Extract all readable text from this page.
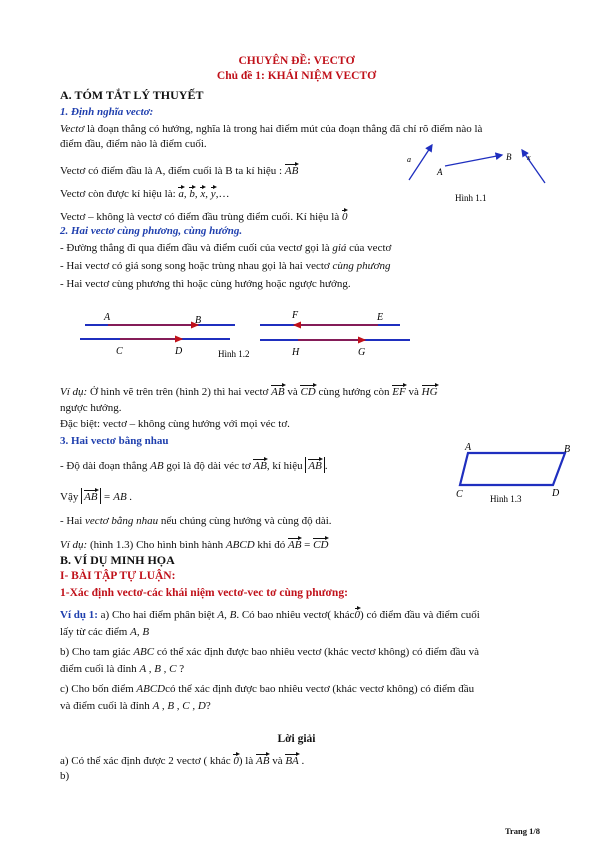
CHUYÊN ĐỀ: VECTƠ
Chủ đề 1: KHÁI NIỆM VECTƠ
A. TÓM TẮT LÝ THUYẾT
1. Định nghĩa vectơ:
Vectơ là đoạn thẳng có hướng, nghĩa là trong hai điểm mút của đoạn thẳng đã chỉ rõ điểm nào là
điểm đầu, điểm nào là điểm cuối.
Vectơ có điểm đầu là A, điểm cuối là B ta kí hiệu : AB
Vectơ còn được kí hiệu là: a, b, x, y,…
a
A
B x
Hình 1.1
Vectơ – không là vectơ có điểm đầu trùng điểm cuối. Kí hiệu là 0
2. Hai vectơ cùng phương, cùng hướng.
- Đường thẳng đi qua điểm đầu và điểm cuối của vectơ gọi là giá của vectơ
- Hai vectơ có giá song song hoặc trùng nhau gọi là hai vectơ cùng phương
- Hai vectơ cùng phương thì hoặc cùng hướng hoặc ngược hướng.
A	B
C	D
F	E
H	G
Hình 1.2
Ví dụ: Ở hình vẽ trên trên (hình 2) thì hai vectơ AB và CD cùng hướng còn EF và HG
ngược hướng.
Đặc biệt: vectơ – không cùng hướng với mọi véc tơ.
3. Hai vectơ bằng nhau
- Độ dài đoạn thẳng AB gọi là độ dài véc tơ AB, kí hiệu AB .
Vậy AB = AB .
A	B
C	D
Hình 1.3
- Hai vectơ bằng nhau nếu chúng cùng hướng và cùng độ dài.
Ví dụ: (hình 1.3) Cho hình bình hành ABCD khi đó AB = CD
B. VÍ DỤ MINH HỌA
I- BÀI TẬP TỰ LUẬN:
1-Xác định vectơ-các khái niệm vectơ-vec tơ cùng phương:
Ví dụ 1: a) Cho hai điểm phân biệt A, B. Có bao nhiêu vectơ( khác0) có điểm đầu và điểm cuối
lấy từ các điểm A, B
b) Cho tam giác ABC có thể xác định được bao nhiêu vectơ (khác vectơ không) có điểm đầu và
điểm cuối là đỉnh A , B , C ?
c) Cho bốn điểm ABCDcó thể xác định được bao nhiêu vectơ (khác vectơ không) có điểm đầu
và điểm cuối là đỉnh A , B , C , D?
Lời giải
a) Có thể xác định được 2 vectơ ( khác 0) là AB và BA .
b)
Trang 1/8
